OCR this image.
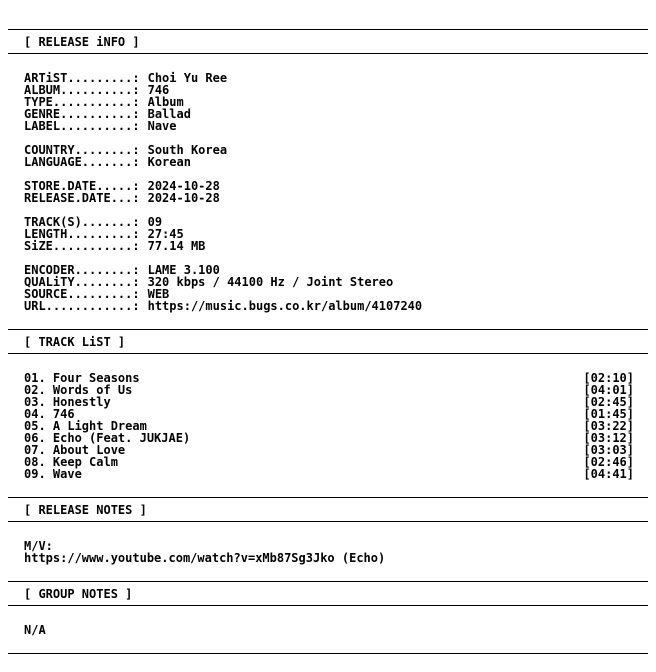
[ RELEASE iNFO ]
ARTiST.........: Choi Yu Ree
ALBUM..........: 746
TYPE...........: Album
GENRE..........: Ballad
LABEL..........: Nave
COUNTRY........: South Korea
LANGUAGE.......: Korean
STORE.DATE.....: 2024-10-28
RELEASE.DATE...: 2024-10-28
TRACK(S).......: 09
LENGTH.........: 27:45
SiZE...........: 77.14 MB
ENCODER........: LAME 3.100
QUALiTY........: 320 kbps / 44100 Hz / Joint Stereo
SOURCE.........: WEB
URL............: https://music.bugs.co.kr/album/4107240
[ TRACK LiST ]
01. Four Seasons	[02:10]
02. Words of Us	[04:01]
03. Honestly	[02:45]
04. 746	[01:45]
05. A Light Dream	[03:22]
06. Echo (Feat. JUKJAE)	[03:12]
07. About Love	[03:03]
08. Keep Calm	[02:46]
09. Wave	[04:41]
[ RELEASE NOTES ]
M/V:
https://www.youtube.com/watch?v=xMb87Sg3Jko (Echo)
[ GROUP NOTES ]
N/A
